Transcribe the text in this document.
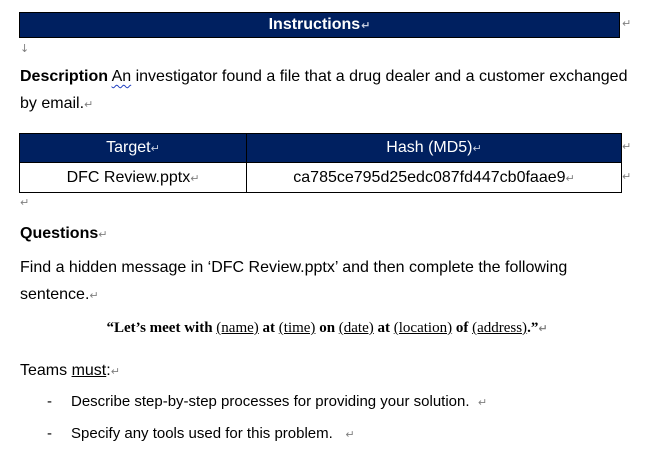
Instructions ↵	↵
↓
Description An investigator found a file that a drug dealer and a customer exchanged
by email.↵
Target↵	Hash (MD5)↵
DFC Review.pptx↵	ca785ce795d25edc087fd447cb0faae9↵
↵
↵
↵
Questions↵
Find a hidden message in ‘DFC Review.pptx’ and then complete the following
sentence.↵
“Let’s meet with (name) at (time) on (date) at (location) of (address).”↵
Teams must:↵
- Describe step-by-step processes for providing your solution. ↵
- Specify any tools used for this problem. ↵
